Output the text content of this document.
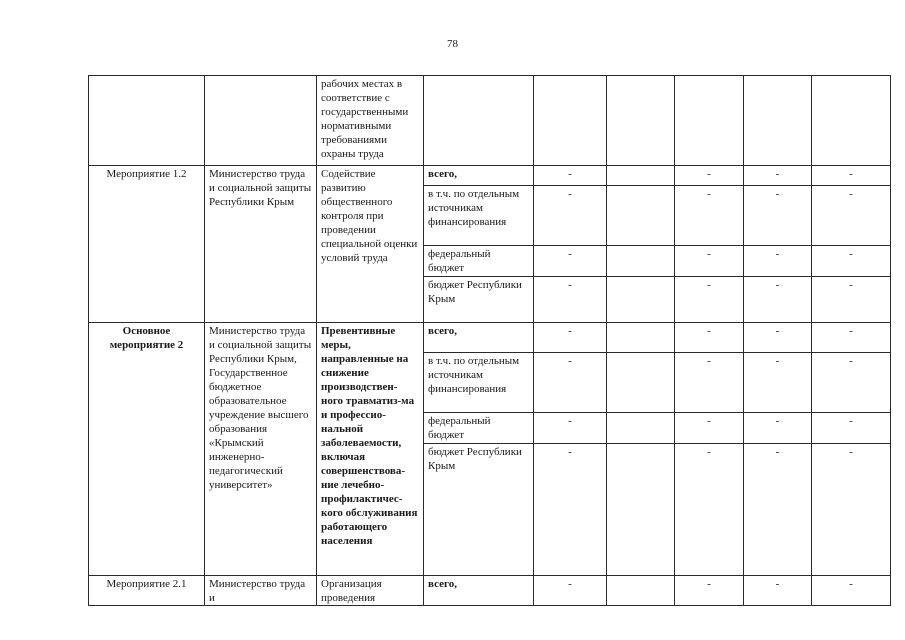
78
		рабочих местах в соответствие с государственными нормативными требованиями охраны труда						
Мероприятие 1.2	Министерство труда и социальной защиты Республики Крым	Содействие развитию общественного контроля при проведении специальной оценки условий труда	всего,	-		-	-	-
			в т.ч. по отдельным источникам финансирования	-		-	-	-
			федеральный бюджет	-		-	-	-
			бюджет Республики Крым	-		-	-	-
Основное мероприятие 2	Министерство труда и социальной защиты Республики Крым, Государственное бюджетное образовательное учреждение высшего образования «Крымский инженерно-педагогический университет»	Превентивные меры, направленные на снижение производствен-ного травматиз-ма и профессио-нальной заболеваемости, включая совершенствова-ние лечебно-профилактичес-кого обслуживания работающего населения	всего,	-		-	-	-
			в т.ч. по отдельным источникам финансирования	-		-	-	-
			федеральный бюджет	-		-	-	-
			бюджет Республики Крым	-		-	-	-
Мероприятие 2.1	Министерство труда и	Организация проведения	всего,	-		-	-	-
